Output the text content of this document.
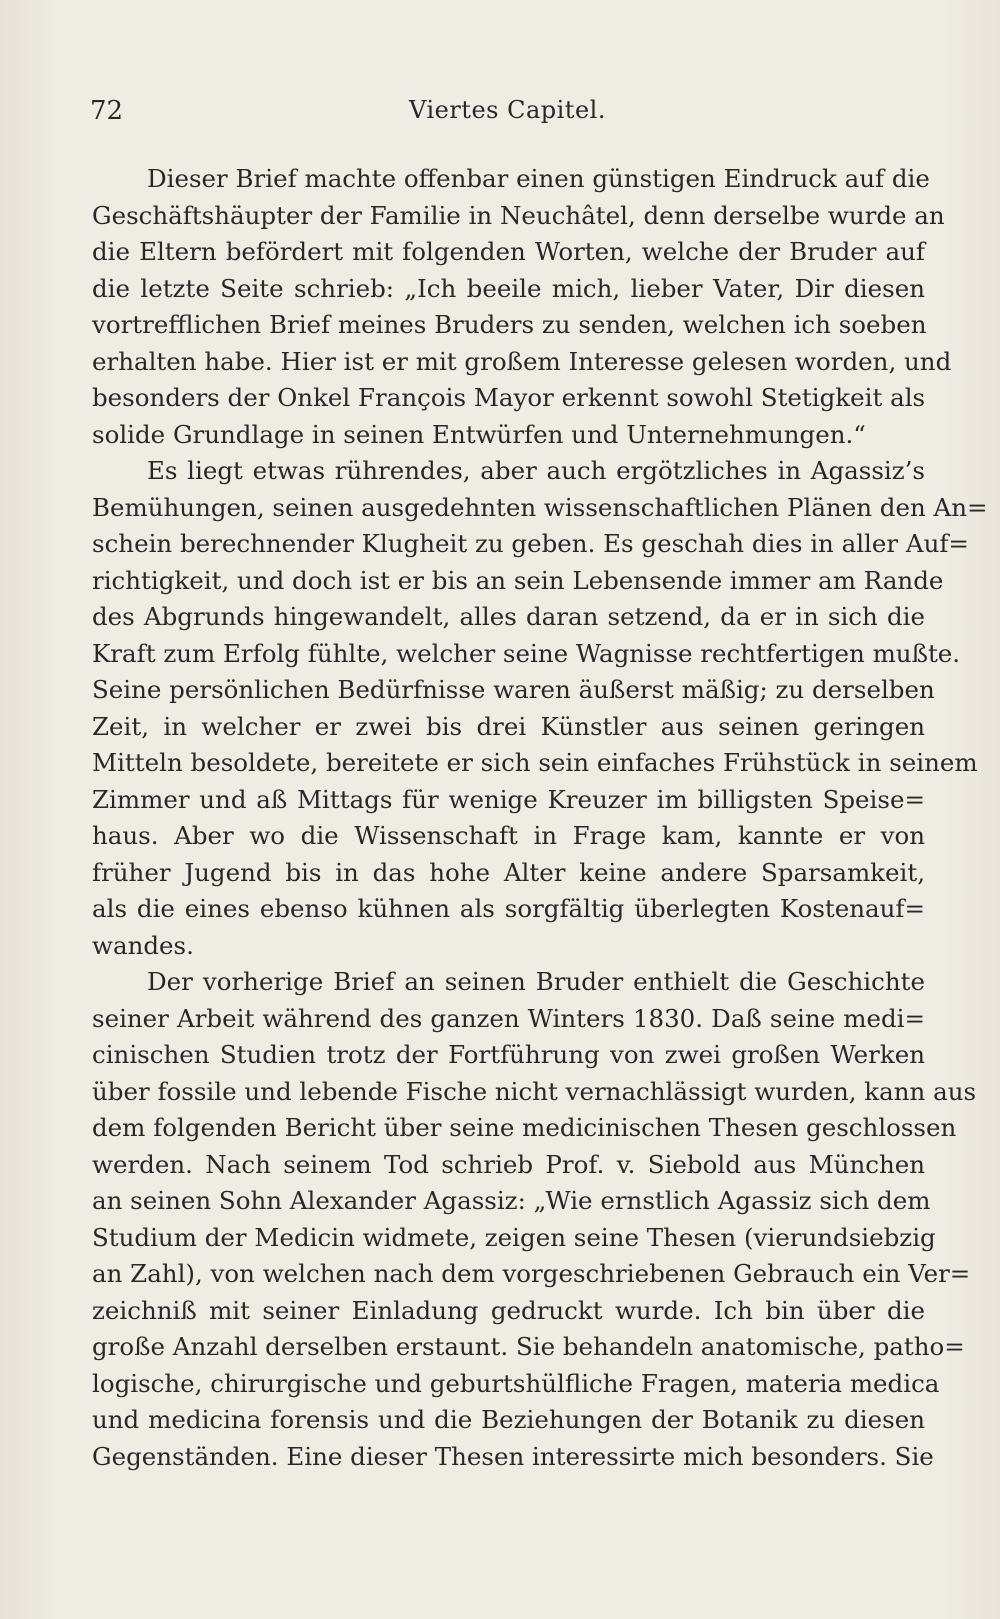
72	Viertes Capitel.
Dieser Brief machte offenbar einen günstigen Eindruck auf die
Geschäftshäupter der Familie in Neuchâtel, denn derselbe wurde an
die Eltern befördert mit folgenden Worten, welche der Bruder auf
die letzte Seite schrieb: „Ich beeile mich, lieber Vater, Dir diesen
vortrefflichen Brief meines Bruders zu senden, welchen ich soeben
erhalten habe. Hier ist er mit großem Interesse gelesen worden, und
besonders der Onkel François Mayor erkennt sowohl Stetigkeit als
solide Grundlage in seinen Entwürfen und Unternehmungen.“
Es liegt etwas rührendes, aber auch ergötzliches in Agassiz’s
Bemühungen, seinen ausgedehnten wissenschaftlichen Plänen den An=
schein berechnender Klugheit zu geben. Es geschah dies in aller Auf=
richtigkeit, und doch ist er bis an sein Lebensende immer am Rande
des Abgrunds hingewandelt, alles daran setzend, da er in sich die
Kraft zum Erfolg fühlte, welcher seine Wagnisse rechtfertigen mußte.
Seine persönlichen Bedürfnisse waren äußerst mäßig; zu derselben
Zeit, in welcher er zwei bis drei Künstler aus seinen geringen
Mitteln besoldete, bereitete er sich sein einfaches Frühstück in seinem
Zimmer und aß Mittags für wenige Kreuzer im billigsten Speise=
haus. Aber wo die Wissenschaft in Frage kam, kannte er von
früher Jugend bis in das hohe Alter keine andere Sparsamkeit,
als die eines ebenso kühnen als sorgfältig überlegten Kostenauf=
wandes.
Der vorherige Brief an seinen Bruder enthielt die Geschichte
seiner Arbeit während des ganzen Winters 1830. Daß seine medi=
cinischen Studien trotz der Fortführung von zwei großen Werken
über fossile und lebende Fische nicht vernachlässigt wurden, kann aus
dem folgenden Bericht über seine medicinischen Thesen geschlossen
werden. Nach seinem Tod schrieb Prof. v. Siebold aus München
an seinen Sohn Alexander Agassiz: „Wie ernstlich Agassiz sich dem
Studium der Medicin widmete, zeigen seine Thesen (vierundsiebzig
an Zahl), von welchen nach dem vorgeschriebenen Gebrauch ein Ver=
zeichniß mit seiner Einladung gedruckt wurde. Ich bin über die
große Anzahl derselben erstaunt. Sie behandeln anatomische, patho=
logische, chirurgische und geburtshülfliche Fragen, materia medica
und medicina forensis und die Beziehungen der Botanik zu diesen
Gegenständen. Eine dieser Thesen interessirte mich besonders. Sie
